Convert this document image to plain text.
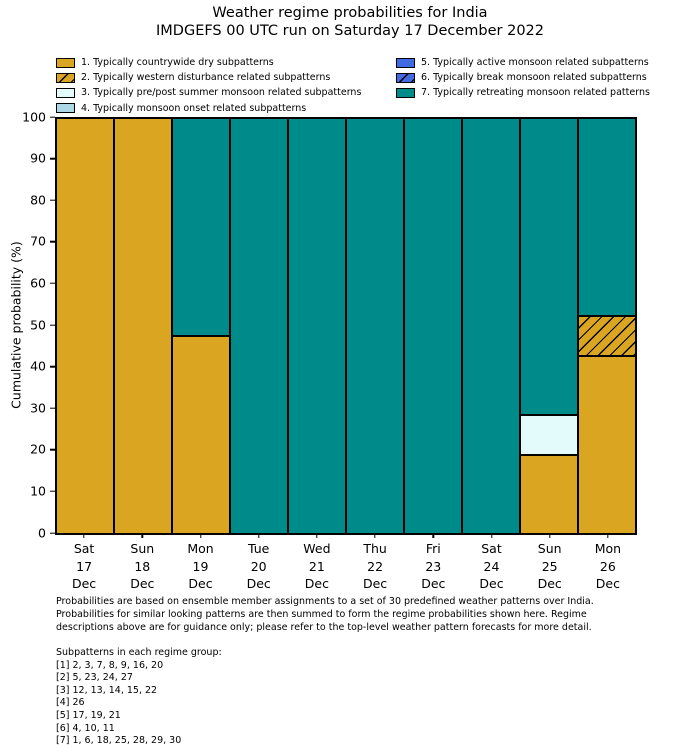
Weather regime probabilities for India
IMDGEFS 00 UTC run on Saturday 17 December 2022
1. Typically countrywide dry subpatterns
2. Typically western disturbance related subpatterns
3. Typically pre/post summer monsoon related subpatterns
4. Typically monsoon onset related subpatterns
5. Typically active monsoon related subpatterns
6. Typically break monsoon related subpatterns
7. Typically retreating monsoon related patterns
Cumulative probability (%)
0
10
20
30
40
50
60
70
80
90
100
Sat
17
Dec
Sun
18
Dec
Mon
19
Dec
Tue
20
Dec
Wed
21
Dec
Thu
22
Dec
Fri
23
Dec
Sat
24
Dec
Sun
25
Dec
Mon
26
Dec
Probabilities are based on ensemble member assignments to a set of 30 predefined weather patterns over India.
Probabilities for similar looking patterns are then summed to form the regime probabilities shown here. Regime
descriptions above are for guidance only; please refer to the top-level weather pattern forecasts for more detail.
Subpatterns in each regime group:
[1] 2, 3, 7, 8, 9, 16, 20
[2] 5, 23, 24, 27
[3] 12, 13, 14, 15, 22
[4] 26
[5] 17, 19, 21
[6] 4, 10, 11
[7] 1, 6, 18, 25, 28, 29, 30
